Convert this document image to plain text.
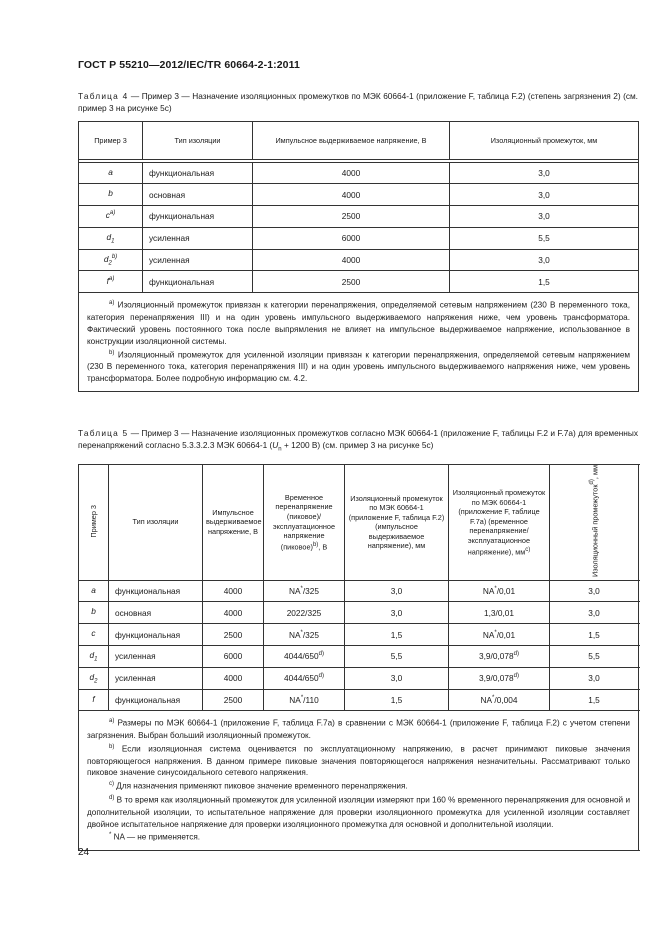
ГОСТ Р 55210—2012/IEC/TR 60664-2-1:2011
Таблица 4 — Пример 3 — Назначение изоляционных промежутков по МЭК 60664-1 (приложение F, таблица F.2) (степень загрязнения 2) (см. пример 3 на рисунке 5c)
Пример 3	Тип изоляции	Импульсное выдерживаемое напряжение, В	Изоляционный промежуток, мм

a	функциональная	4000	3,0
b	основная	4000	3,0
$c^{a)}$	функциональная	2500	3,0
$d_1$	усиленная	6000	5,5
$d_2^{b)}$	усиленная	4000	3,0
$f^{a)}$	функциональная	2500	1,5

$^{a)}$ Изоляционный промежуток привязан к категории перенапряжения, определяемой сетевым напряжением (230 В переменного тока, категория перенапряжения III) и на один уровень импульсного выдерживаемого напряжения ниже, чем уровень трансформатора. Фактический уровень постоянного тока после выпрямления не влияет на импульсное выдерживаемое напряжение, использованное в конструкции изоляционной системы.

$^{b)}$ Изоляционный промежуток для усиленной изоляции привязан к категории перенапряжения, определяемой сетевым напряжением (230 В переменного тока, категория перенапряжения III) и на один уровень импульсного выдерживаемого напряжения ниже, чем уровень трансформатора. Более подробную информацию см. 4.2.			

Таблица 5 — Пример 3 — Назначение изоляционных промежутков согласно МЭК 60664-1 (приложение F, таблицы F.2 и F.7a) для временных перенапряжений согласно 5.3.3.2.3 МЭК 60664-1 ($U_n + 1200$ В) (см. пример 3 на рисунке 5c)
Пример 3	Тип изоляции	Импульсное выдерживаемое напряжение, В	Временное перенапряжение (пиковое)/эксплуатационное напряжение (пиковое)$^{b)}$, В	Изоляционный промежуток по МЭК 60664-1 (приложение F, таблица F.2) (импульсное выдерживаемое напряжение), мм	Изоляционный промежуток по МЭК 60664-1 (приложение F, таблице F.7a) (временное перенапряжение/ эксплуатационное напряжение), $мм^{c)}$	Изоляционный промежуток$^{d)}$, мм
a	функциональная	4000	NA*/325	3,0	NA*/0,01	3,0
b	основная	4000	2022/325	3,0	1,3/0,01	3,0
c	функциональная	2500	NA*/325	1,5	NA*/0,01	1,5
$d_1$	усиленная	6000	4044/650$^{d)}$	5,5	3,9/0,078$^{d)}$	5,5
$d_2$	усиленная	4000	4044/650$^{d)}$	3,0	3,9/0,078$^{d)}$	3,0
f	функциональная	2500	NA*/110	1,5	NA*/0,004	1,5

$^{a)}$ Размеры по МЭК 60664-1 (приложение F, таблица F.7a) в сравнении с МЭК 60664-1 (приложение F, таблица F.2) с учетом степени загрязнения. Выбран больший изоляционный промежуток.

$^{b)}$ Если изоляционная система оценивается по эксплуатационному напряжению, в расчет принимают пиковые значения повторяющегося напряжения. В данном примере пиковые значения повторяющегося напряжения незначительны. Рассматривают только пиковое значение синусоидального сетевого напряжения.

$^{c)}$ Для назначения применяют пиковое значение временного перенапряжения.

$^{d)}$ В то время как изоляционный промежуток для усиленной изоляции измеряют при 160 % временного перенапряжения для основной и дополнительной изоляции, то испытательное напряжение для проверки изоляционного промежутка для усиленной изоляции составляет двойное испытательное напряжение для проверки изоляционного промежутка для основной и дополнительной изоляции.

* NA — не применяется.						

24
